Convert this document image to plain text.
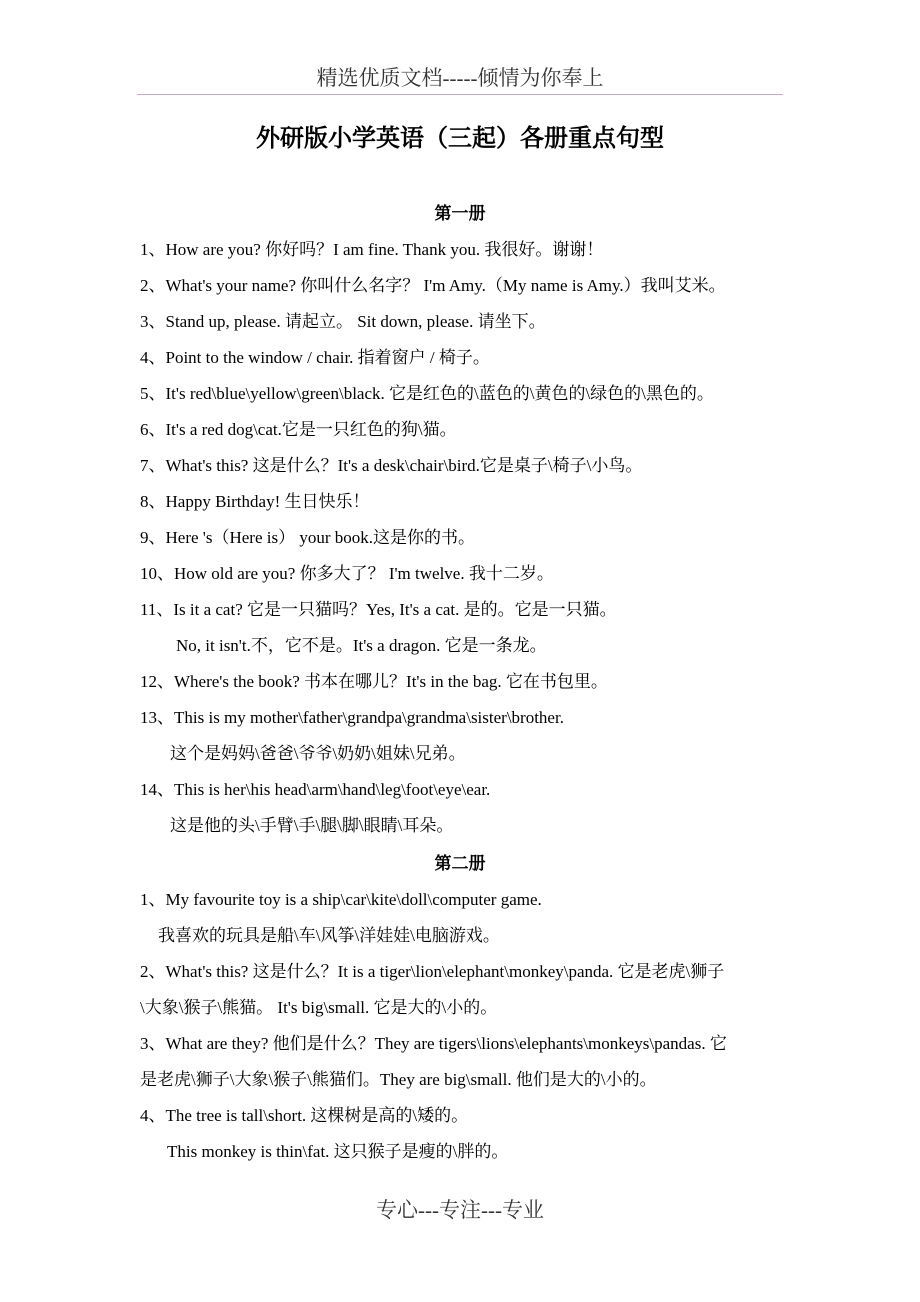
精选优质文档-----倾情为你奉上
外研版小学英语（三起）各册重点句型
第一册
1、How are you? 你好吗？I am fine. Thank you. 我很好。谢谢！
2、What's your name? 你叫什么名字？ I'm Amy.（My name is Amy.）我叫艾米。
3、Stand up, please. 请起立。 Sit down, please. 请坐下。
4、Point to the window / chair. 指着窗户 / 椅子。
5、It's red\blue\yellow\green\black. 它是红色的\蓝色的\黄色的\绿色的\黑色的。
6、It's a red dog\cat.它是一只红色的狗\猫。
7、What's this? 这是什么？It's a desk\chair\bird.它是桌子\椅子\小鸟。
8、Happy Birthday! 生日快乐！
9、Here 's（Here is） your book.这是你的书。
10、How old are you? 你多大了？ I'm twelve. 我十二岁。
11、Is it a cat? 它是一只猫吗？Yes, It's a cat. 是的。它是一只猫。
No, it isn't.不，它不是。It's a dragon. 它是一条龙。
12、Where's the book? 书本在哪儿？It's in the bag. 它在书包里。
13、This is my mother\father\grandpa\grandma\sister\brother.
这个是妈妈\爸爸\爷爷\奶奶\姐妹\兄弟。
14、This is her\his head\arm\hand\leg\foot\eye\ear.
这是他的头\手臂\手\腿\脚\眼睛\耳朵。
第二册
1、My favourite toy is a ship\car\kite\doll\computer game.
我喜欢的玩具是船\车\风筝\洋娃娃\电脑游戏。
2、What's this? 这是什么？It is a tiger\lion\elephant\monkey\panda. 它是老虎\狮子
\大象\猴子\熊猫。 It's big\small. 它是大的\小的。
3、What are they? 他们是什么？They are tigers\lions\elephants\monkeys\pandas. 它
是老虎\狮子\大象\猴子\熊猫们。They are big\small. 他们是大的\小的。
4、The tree is tall\short. 这棵树是高的\矮的。
This monkey is thin\fat. 这只猴子是瘦的\胖的。
专心---专注---专业
